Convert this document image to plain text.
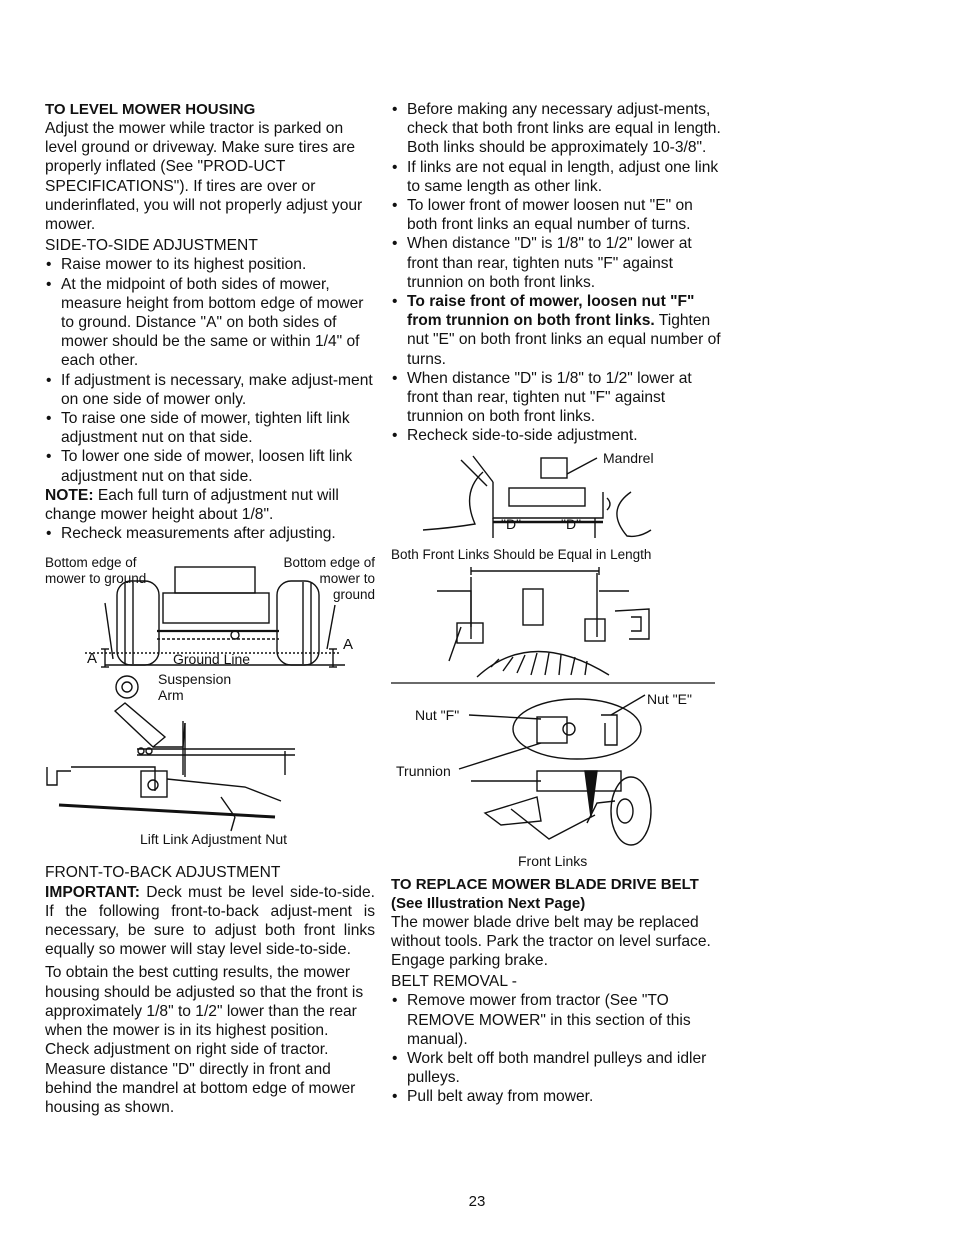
TO LEVEL MOWER HOUSING

Adjust the mower while tractor is parked on level ground or driveway. Make sure tires are properly inflated (See "PROD-UCT SPECIFICATIONS"). If tires are over or underinflated, you will not properly adjust your mower.

SIDE-TO-SIDE ADJUSTMENT

• Raise mower to its highest position.
• At the midpoint of both sides of mower, measure height from bottom edge of mower to ground. Distance "A" on both sides of mower should be the same or within 1/4" of each other.
• If adjustment is necessary, make adjust-ment on one side of mower only.
• To raise one side of mower, tighten lift link adjustment nut on that side.
• To lower one side of mower, loosen lift link adjustment nut on that side.

NOTE: Each full turn of adjustment nut will change mower height about 1/8".

• Recheck measurements after adjusting.
Bottom edge of mower to ground
Bottom edge of mower to ground
Ground Line
A
A
Suspension Arm
Lift Link Adjustment Nut

FRONT-TO-BACK ADJUSTMENT

IMPORTANT: Deck must be level side-to-side. If the following front-to-back adjust-ment is necessary, be sure to adjust both front links equally so mower will stay level side-to-side.

To obtain the best cutting results, the mower housing should be adjusted so that the front is approximately 1/8" to 1/2" lower than the rear when the mower is in its highest position.

Check adjustment on right side of tractor. Measure distance "D" directly in front and behind the mandrel at bottom edge of mower housing as shown.

• Before making any necessary adjust-ments, check that both front links are equal in length. Both links should be approximately 10-3/8".
• If links are not equal in length, adjust one link to same length as other link.
• To lower front of mower loosen nut "E" on both front links an equal number of turns.
• When distance "D" is 1/8" to 1/2" lower at front than rear, tighten nuts "F" against trunnion on both front links.
• To raise front of mower, loosen nut "F" from trunnion on both front links. Tighten nut "E" on both front links an equal number of turns.
• When distance "D" is 1/8" to 1/2" lower at front than rear, tighten nut "F" against trunnion on both front links.
• Recheck side-to-side adjustment.
Mandrel
"D"	"D"

Both Front Links Should be Equal in Length

Nut "F"
Nut "E"
Trunnion
Front Links

TO REPLACE MOWER BLADE DRIVE BELT (See Illustration Next Page)

The mower blade drive belt may be replaced without tools. Park the tractor on level surface. Engage parking brake.

BELT REMOVAL -

• Remove mower from tractor (See "TO REMOVE MOWER" in this section of this manual).
• Work belt off both mandrel pulleys and idler pulleys.
• Pull belt away from mower.
23
